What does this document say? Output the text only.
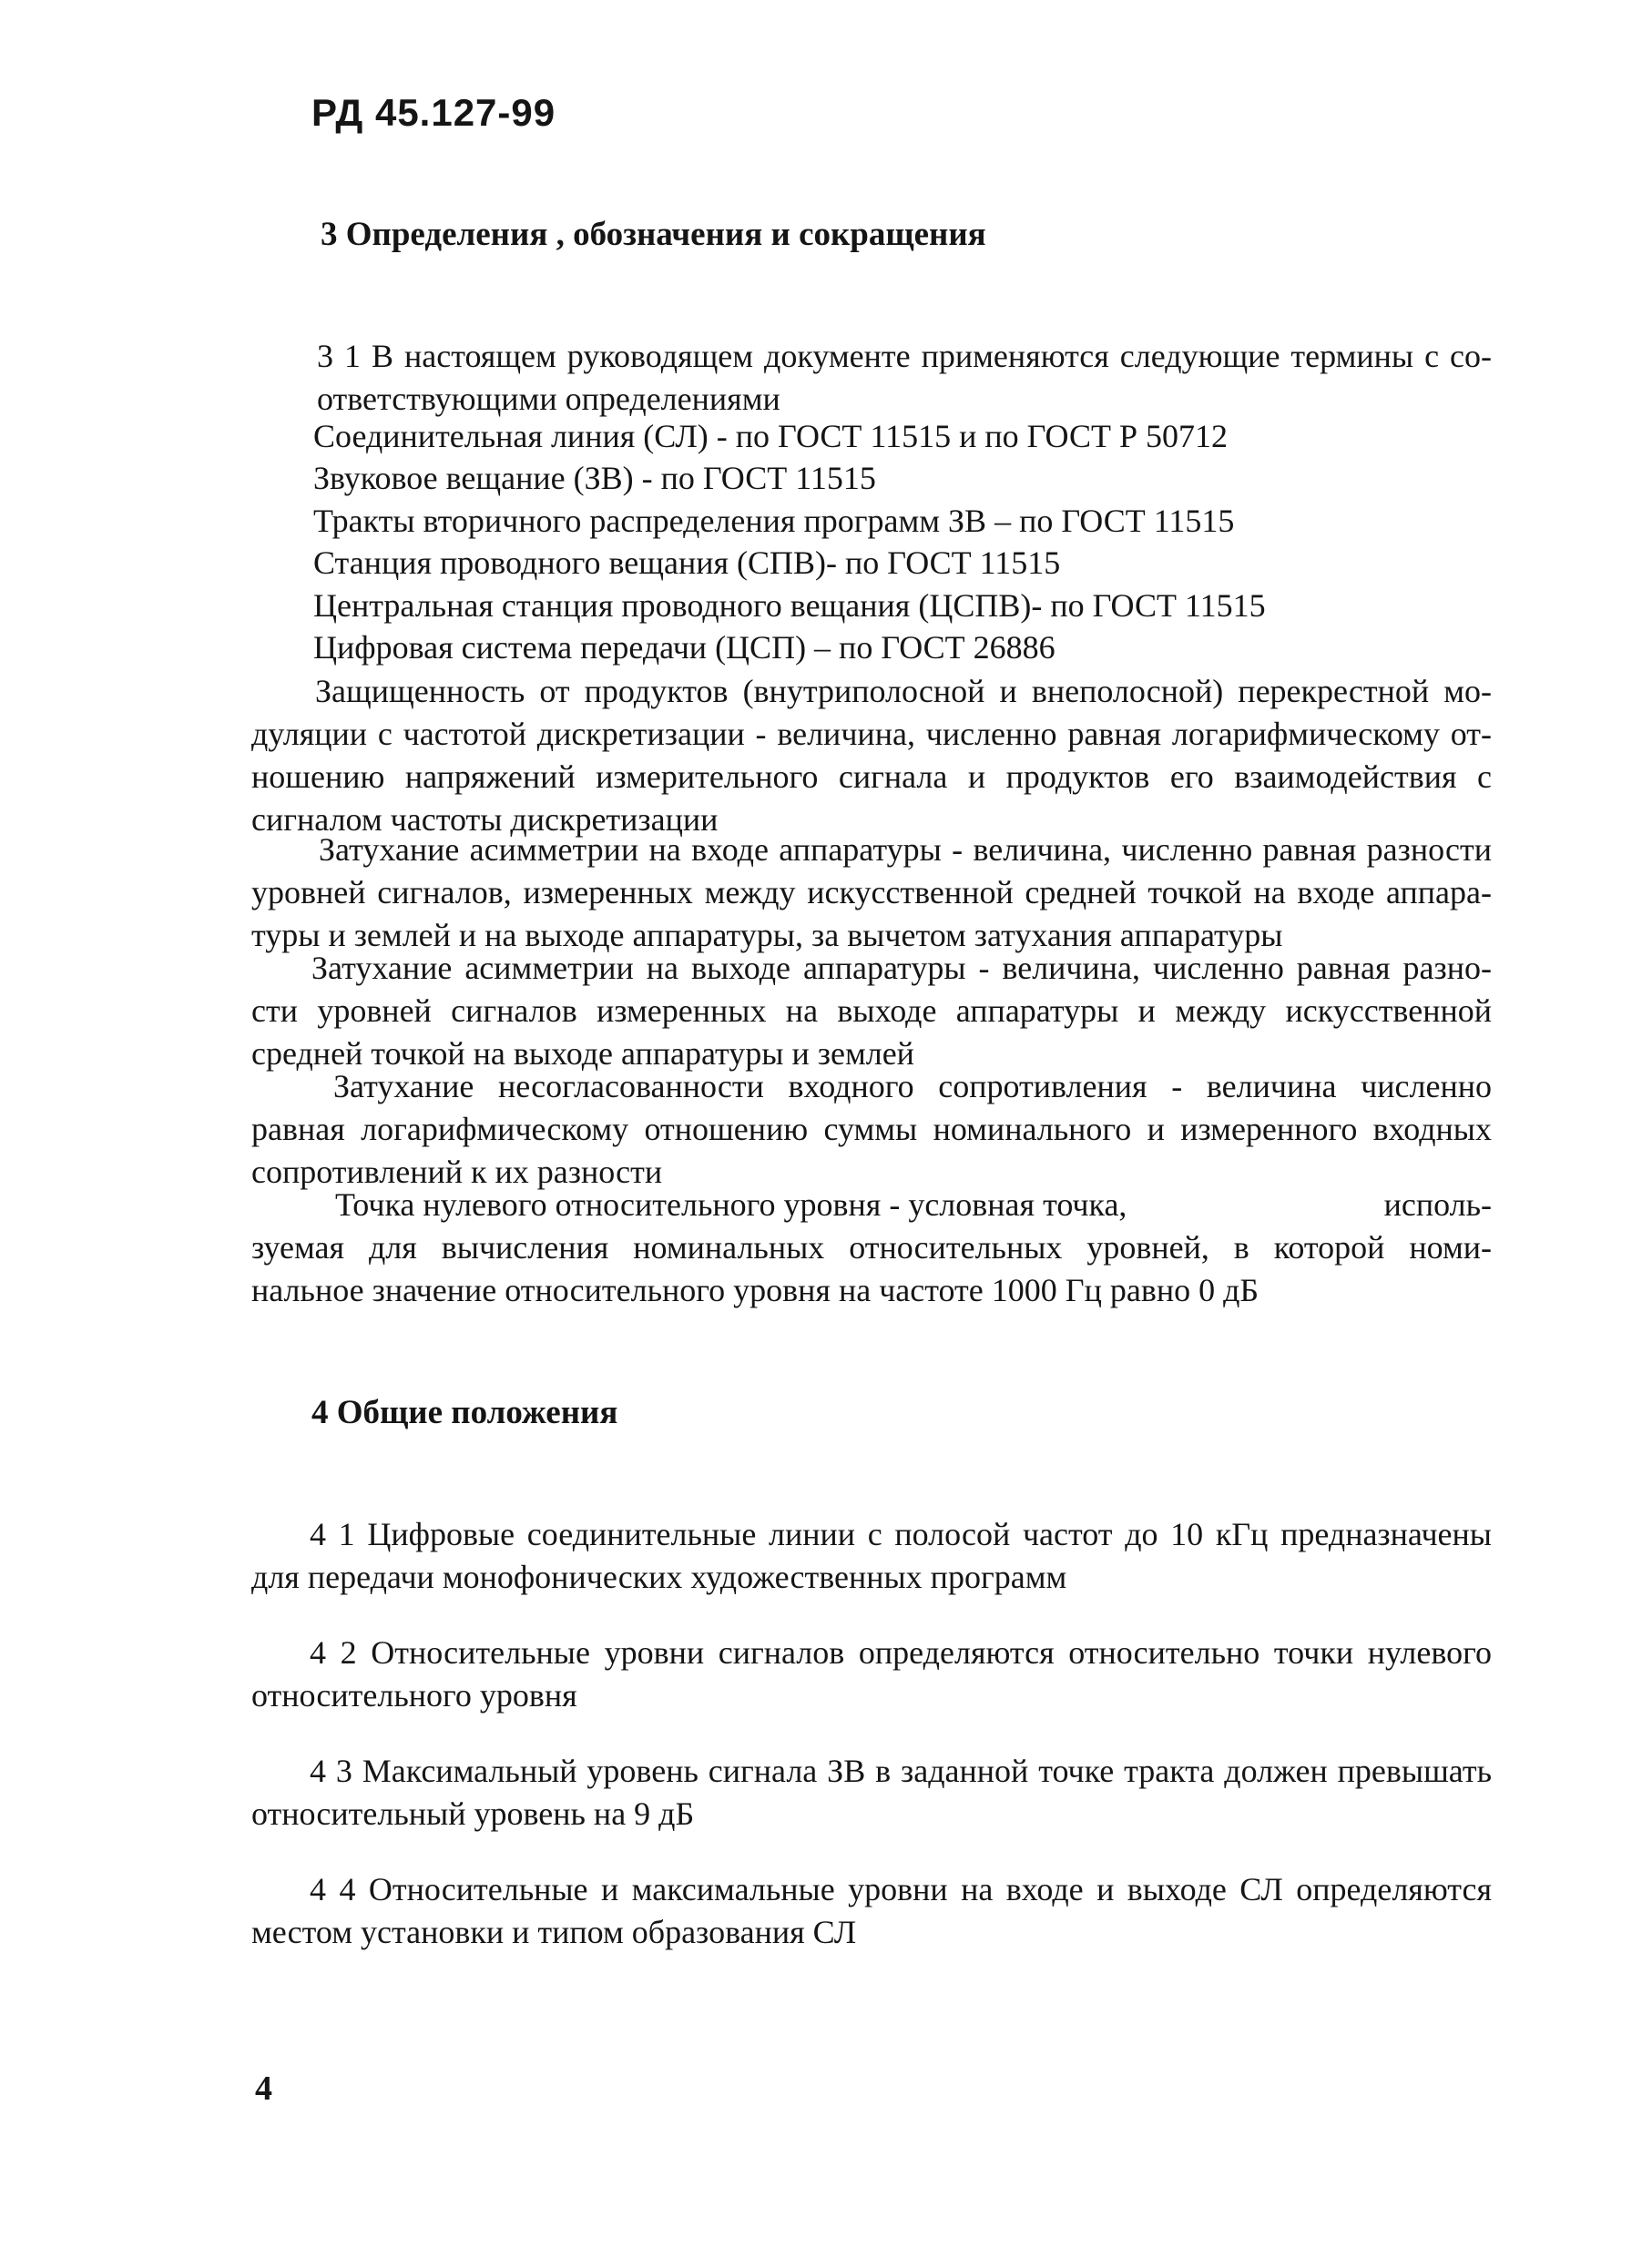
РД 45.127-99
3 Определения , обозначения и сокращения
3 1 В настоящем руководящем документе применяются следующие термины с со-
ответствующими определениями
Соединительная линия (СЛ) - по ГОСТ 11515 и по ГОСТ Р 50712
Звуковое вещание (ЗВ) - по ГОСТ 11515
Тракты вторичного распределения программ ЗВ – по ГОСТ 11515
Станция проводного вещания (СПВ)- по ГОСТ 11515
Центральная станция проводного вещания (ЦСПВ)- по ГОСТ 11515
Цифровая система передачи (ЦСП) – по ГОСТ 26886
Защищенность от продуктов (внутриполосной и внеполосной) перекрестной мо-
дуляции с частотой дискретизации - величина, численно равная логарифмическому от-
ношению напряжений измерительного сигнала и продуктов его взаимодействия с
сигналом частоты дискретизации
Затухание асимметрии на входе аппаратуры - величина, численно равная разности
уровней сигналов, измеренных между искусственной средней точкой на входе аппара-
туры и землей и на выходе аппаратуры, за вычетом затухания аппаратуры
Затухание асимметрии на выходе аппаратуры - величина, численно равная разно-
сти уровней сигналов измеренных на выходе аппаратуры и между искусственной
средней точкой на выходе аппаратуры и землей
Затухание несогласованности входного сопротивления - величина численно
равная логарифмическому отношению суммы номинального и измеренного входных
сопротивлений к их разности
Точка нулевого относительного уровня - условная точка,	исполь-
зуемая для вычисления номинальных относительных уровней, в которой номи-
нальное значение относительного уровня на частоте 1000 Гц равно 0 дБ
4 Общие положения
4 1 Цифровые соединительные линии с полосой частот до 10 кГц предназначены
для передачи монофонических художественных программ
4 2 Относительные уровни сигналов определяются относительно точки нулевого
относительного уровня
4 3 Максимальный уровень сигнала ЗВ в заданной точке тракта должен превышать
относительный уровень на 9 дБ
4 4 Относительные и максимальные уровни на входе и выходе СЛ определяются
местом установки и типом образования СЛ
4
